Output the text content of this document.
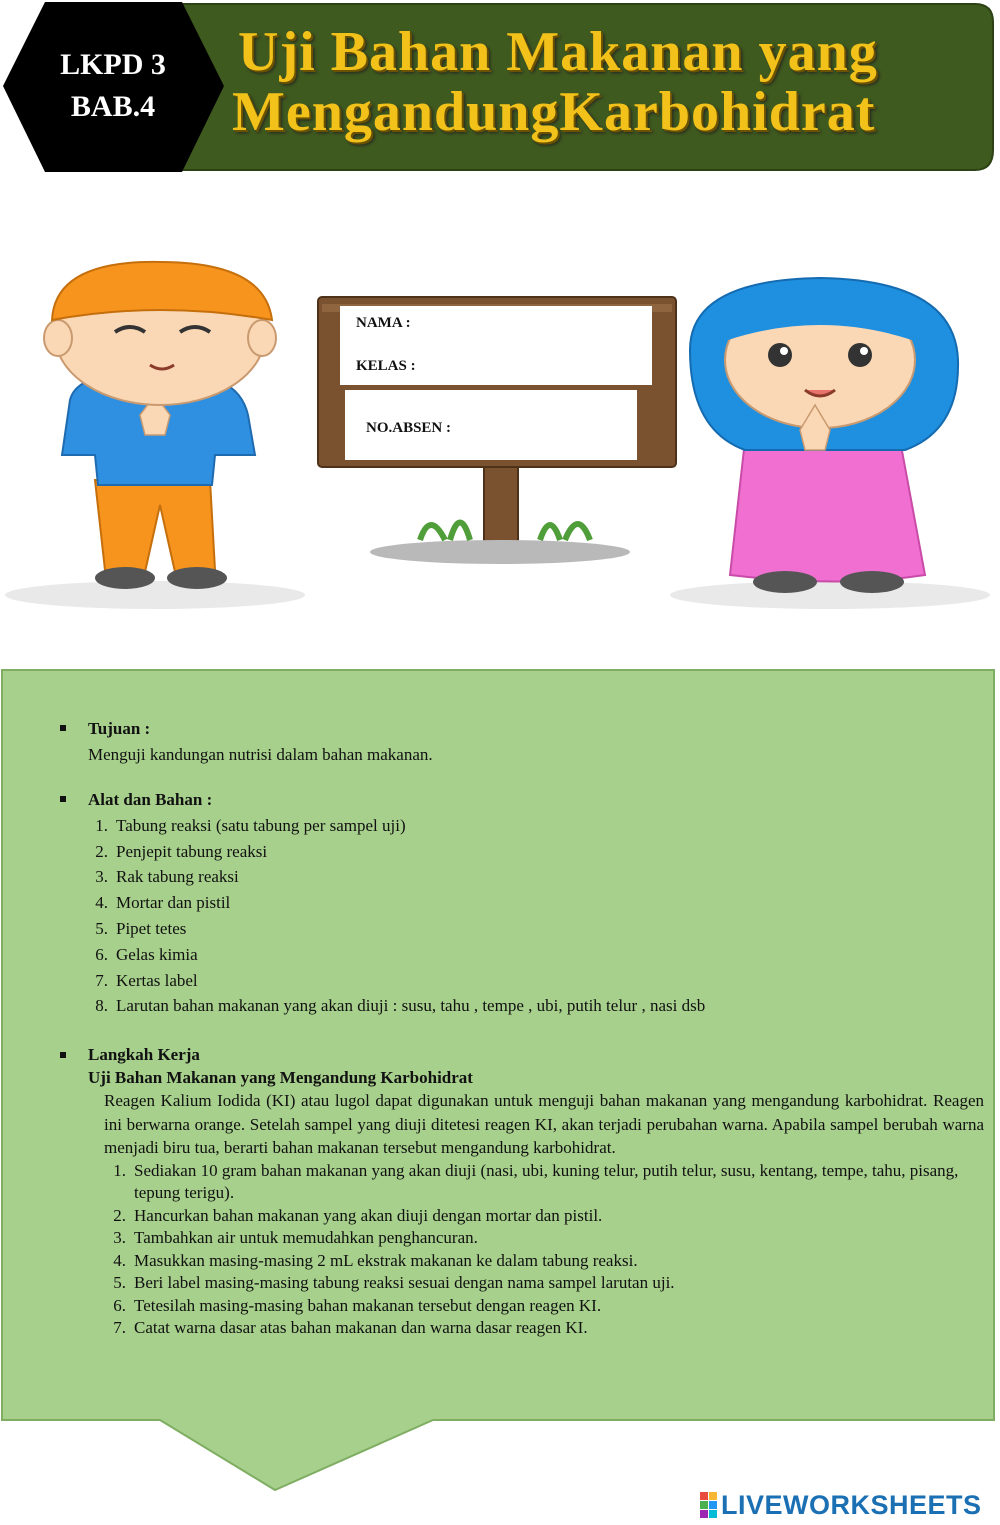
LKPD 3
BAB.4
Uji Bahan Makanan yang
MengandungKarbohidrat
NAMA :
KELAS :
NO.ABSEN :
Tujuan :
Menguji kandungan nutrisi dalam bahan makanan.
Alat dan Bahan :
1. Tabung reaksi (satu tabung per sampel uji)
2. Penjepit tabung reaksi
3. Rak tabung reaksi
4. Mortar dan pistil
5. Pipet tetes
6. Gelas kimia
7. Kertas label
8. Larutan bahan makanan yang akan diuji : susu, tahu , tempe , ubi, putih telur , nasi dsb
Langkah Kerja
Uji Bahan Makanan yang Mengandung Karbohidrat
Reagen Kalium Iodida (KI) atau lugol dapat digunakan untuk menguji bahan makanan yang mengandung karbohidrat. Reagen ini berwarna orange. Setelah sampel yang diuji ditetesi reagen KI, akan terjadi perubahan warna. Apabila sampel berubah warna menjadi biru tua, berarti bahan makanan tersebut mengandung karbohidrat.
1. Sediakan 10 gram bahan makanan yang akan diuji (nasi, ubi, kuning telur, putih telur, susu, kentang, tempe, tahu, pisang, tepung terigu).
2. Hancurkan bahan makanan yang akan diuji dengan mortar dan pistil.
3. Tambahkan air untuk memudahkan penghancuran.
4. Masukkan masing-masing 2 mL ekstrak makanan ke dalam tabung reaksi.
5. Beri label masing-masing tabung reaksi sesuai dengan nama sampel larutan uji.
6. Tetesilah masing-masing bahan makanan tersebut dengan reagen KI.
7. Catat warna dasar atas bahan makanan dan warna dasar reagen KI.
LIVEWORKSHEETS
